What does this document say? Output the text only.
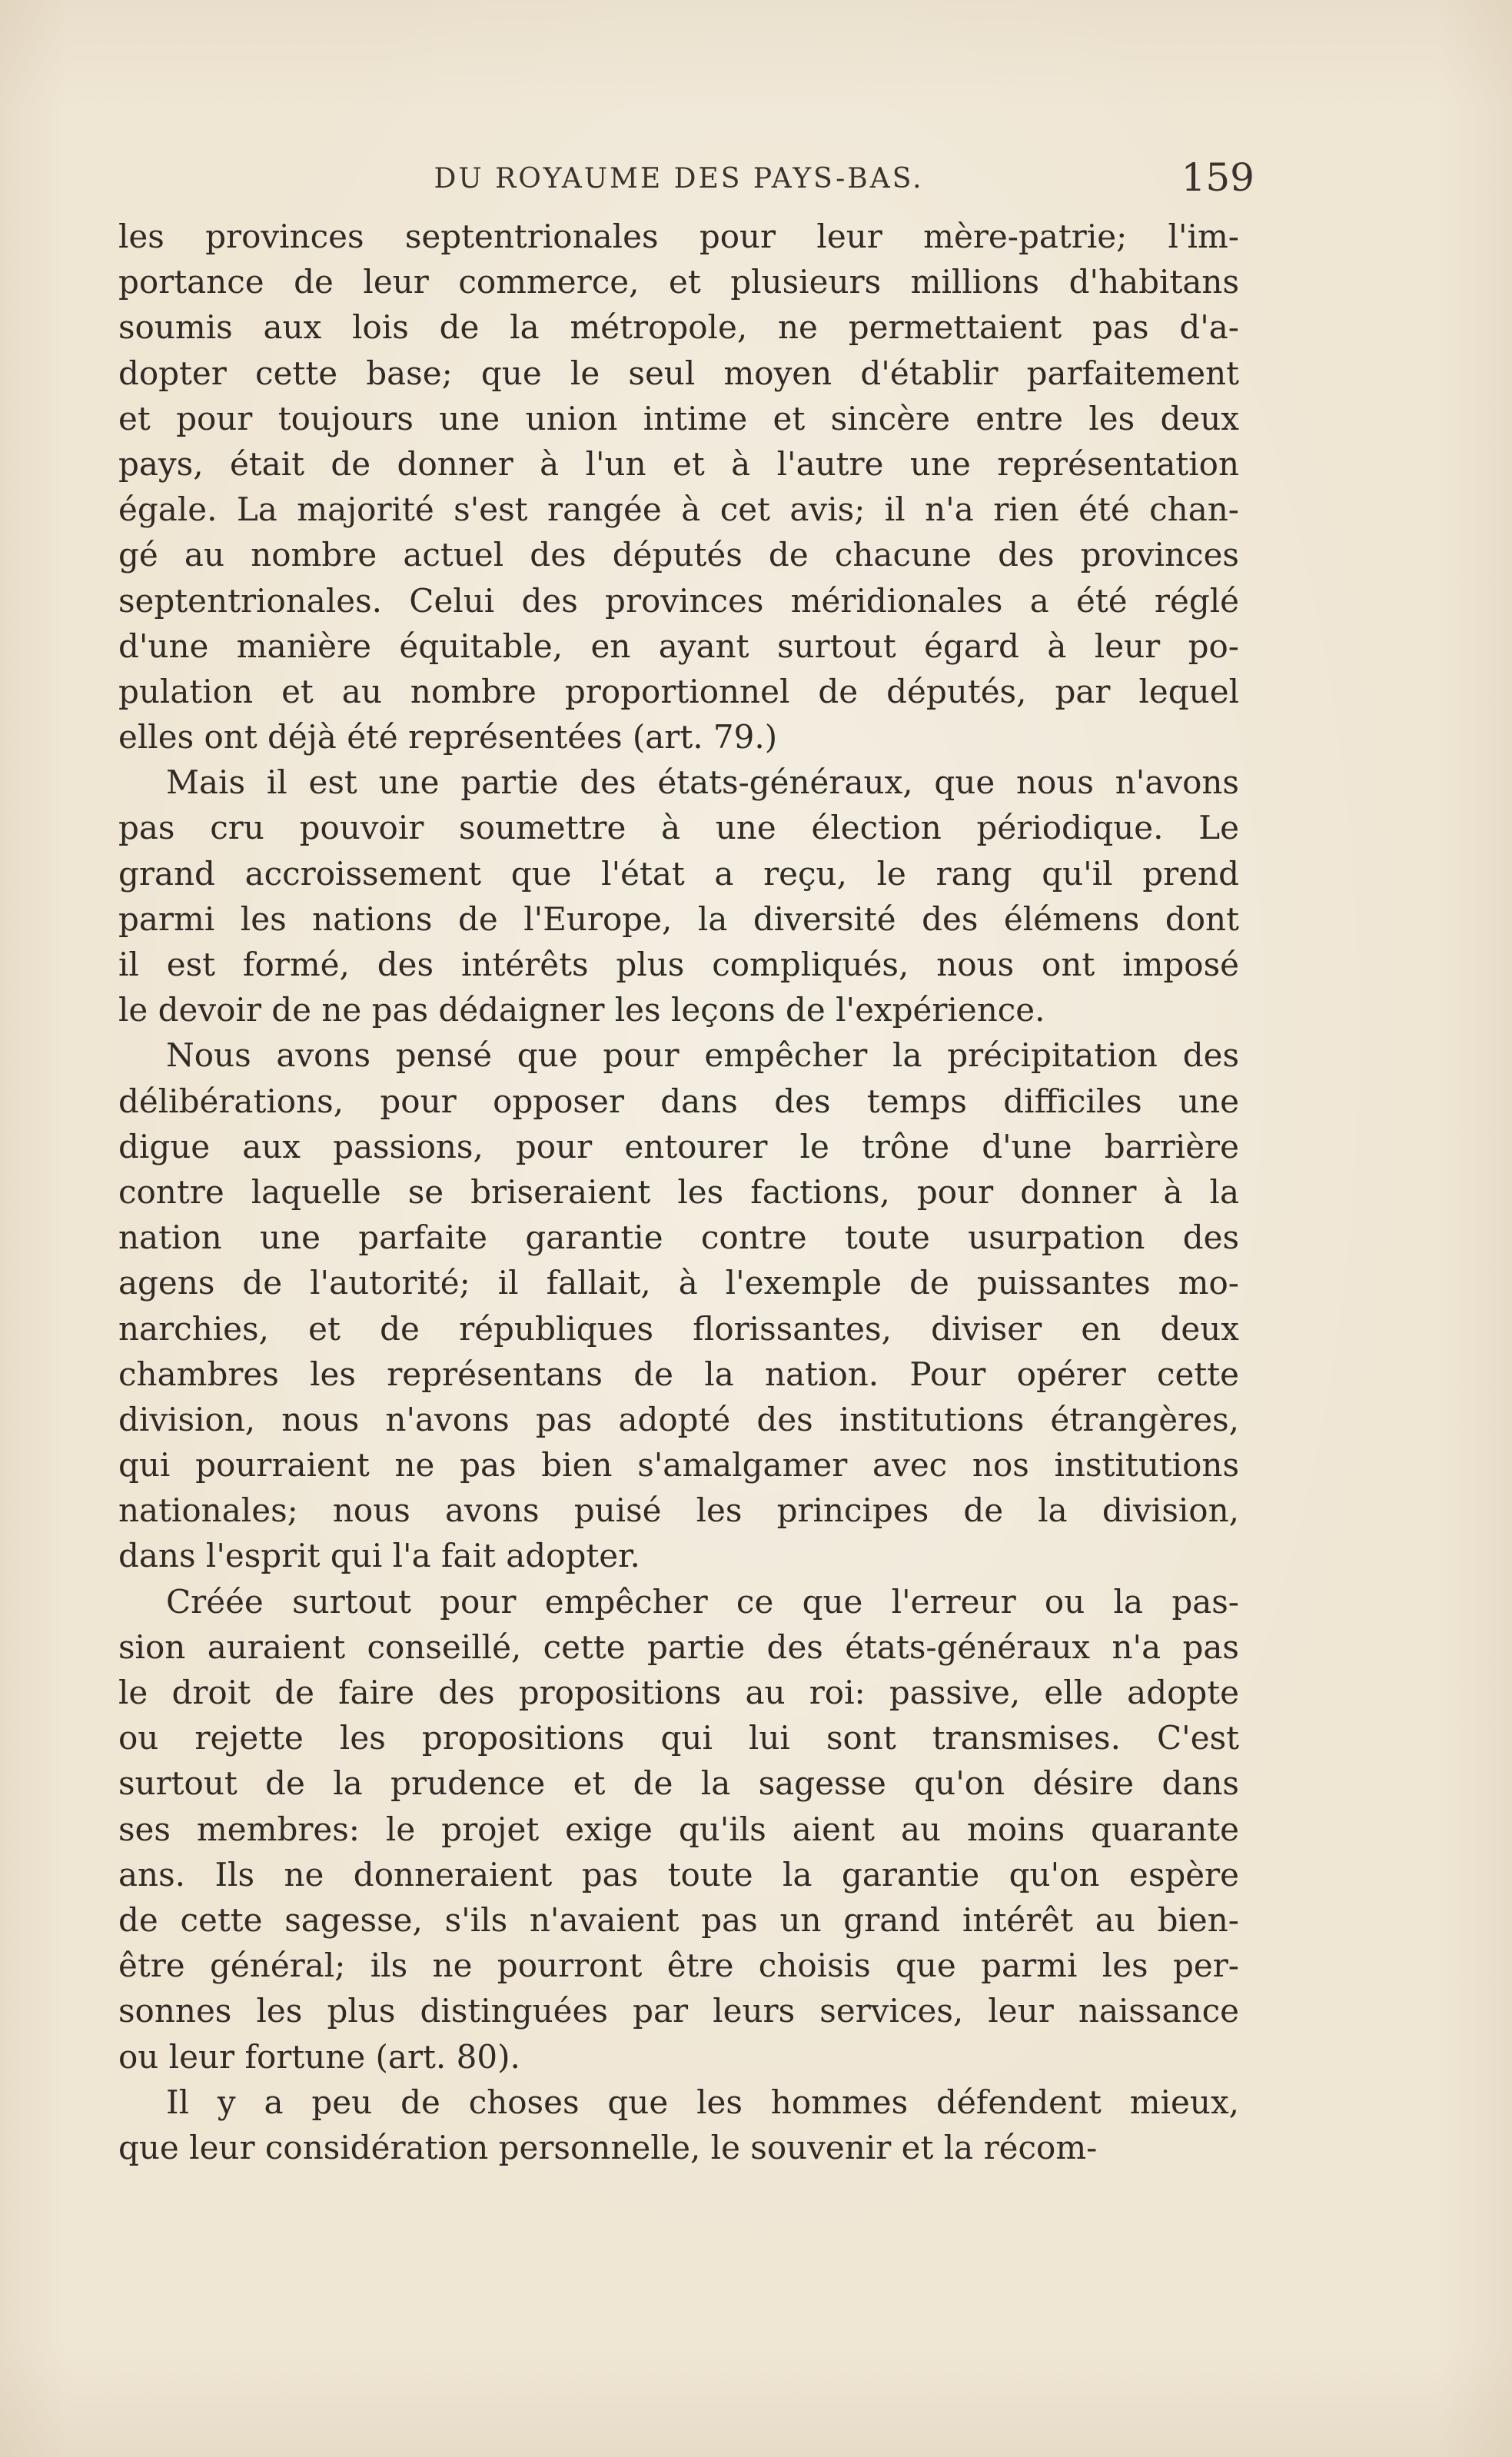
DU ROYAUME DES PAYS-BAS.	159
les provinces septentrionales pour leur mère-patrie; l'im-
portance de leur commerce, et plusieurs millions d'habitans
soumis aux lois de la métropole, ne permettaient pas d'a-
dopter cette base; que le seul moyen d'établir parfaitement
et pour toujours une union intime et sincère entre les deux
pays, était de donner à l'un et à l'autre une représentation
égale. La majorité s'est rangée à cet avis; il n'a rien été chan-
gé au nombre actuel des députés de chacune des provinces
septentrionales. Celui des provinces méridionales a été réglé
d'une manière équitable, en ayant surtout égard à leur po-
pulation et au nombre proportionnel de députés, par lequel
elles ont déjà été représentées (art. 79.)
Mais il est une partie des états-généraux, que nous n'avons
pas cru pouvoir soumettre à une élection périodique. Le
grand accroissement que l'état a reçu, le rang qu'il prend
parmi les nations de l'Europe, la diversité des élémens dont
il est formé, des intérêts plus compliqués, nous ont imposé
le devoir de ne pas dédaigner les leçons de l'expérience.
Nous avons pensé que pour empêcher la précipitation des
délibérations, pour opposer dans des temps difficiles une
digue aux passions, pour entourer le trône d'une barrière
contre laquelle se briseraient les factions, pour donner à la
nation une parfaite garantie contre toute usurpation des
agens de l'autorité; il fallait, à l'exemple de puissantes mo-
narchies, et de républiques florissantes, diviser en deux
chambres les représentans de la nation. Pour opérer cette
division, nous n'avons pas adopté des institutions étrangères,
qui pourraient ne pas bien s'amalgamer avec nos institutions
nationales; nous avons puisé les principes de la division,
dans l'esprit qui l'a fait adopter.
Créée surtout pour empêcher ce que l'erreur ou la pas-
sion auraient conseillé, cette partie des états-généraux n'a pas
le droit de faire des propositions au roi: passive, elle adopte
ou rejette les propositions qui lui sont transmises. C'est
surtout de la prudence et de la sagesse qu'on désire dans
ses membres: le projet exige qu'ils aient au moins quarante
ans. Ils ne donneraient pas toute la garantie qu'on espère
de cette sagesse, s'ils n'avaient pas un grand intérêt au bien-
être général; ils ne pourront être choisis que parmi les per-
sonnes les plus distinguées par leurs services, leur naissance
ou leur fortune (art. 80).
Il y a peu de choses que les hommes défendent mieux,
que leur considération personnelle, le souvenir et la récom-
